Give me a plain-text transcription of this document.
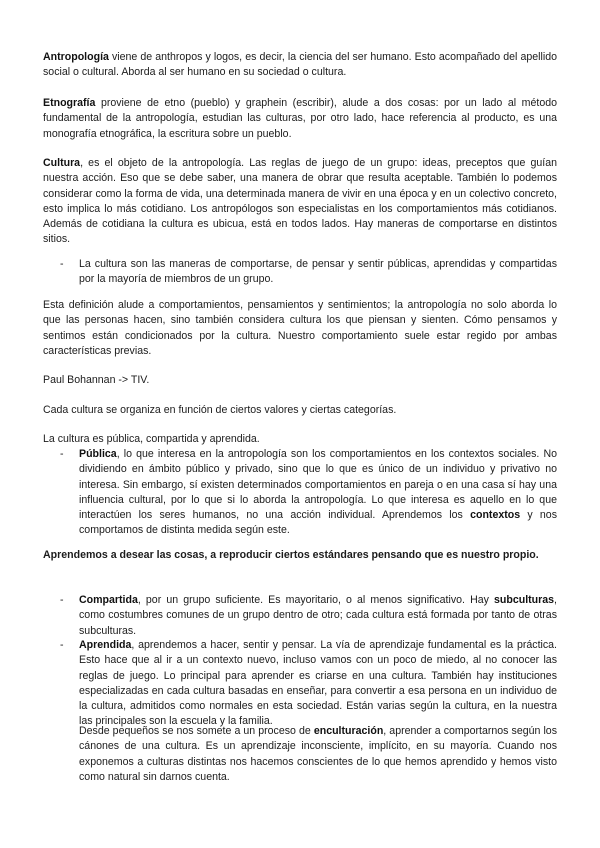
Antropología viene de anthropos y logos, es decir, la ciencia del ser humano. Esto acompañado del apellido social o cultural. Aborda al ser humano en su sociedad o cultura.

Etnografía proviene de etno (pueblo) y graphein (escribir), alude a dos cosas: por un lado al método fundamental de la antropología, estudian las culturas, por otro lado, hace referencia al producto, es una monografía etnográfica, la escritura sobre un pueblo.

Cultura, es el objeto de la antropología. Las reglas de juego de un grupo: ideas, preceptos que guían nuestra acción. Eso que se debe saber, una manera de obrar que resulta aceptable. También lo podemos considerar como la forma de vida, una determinada manera de vivir en una época y en un colectivo concreto, esto implica lo más cotidiano. Los antropólogos son especialistas en los comportamientos más cotidianos. Además de cotidiana la cultura es ubicua, está en todos lados. Hay maneras de comportarse en distintos sitios.

-	La cultura son las maneras de comportarse, de pensar y sentir públicas, aprendidas y compartidas por la mayoría de miembros de un grupo.

Esta definición alude a comportamientos, pensamientos y sentimientos; la antropología no solo aborda lo que las personas hacen, sino también considera cultura los que piensan y sienten. Cómo pensamos y sentimos están condicionados por la cultura. Nuestro comportamiento suele estar regido por ambas características previas.

Paul Bohannan -> TIV.

Cada cultura se organiza en función de ciertos valores y ciertas categorías.

La cultura es pública, compartida y aprendida.

-	Pública, lo que interesa en la antropología son los comportamientos en los contextos sociales. No dividiendo en ámbito público y privado, sino que lo que es único de un individuo y privativo no interesa. Sin embargo, sí existen determinados comportamientos en pareja o en una casa sí hay una influencia cultural, por lo que si lo aborda la antropología. Lo que interesa es aquello en lo que interactúen los seres humanos, no una acción individual. Aprendemos los contextos y nos comportamos de distinta medida según este.

Aprendemos a desear las cosas, a reproducir ciertos estándares pensando que es nuestro propio.

-	Compartida, por un grupo suficiente. Es mayoritario, o al menos significativo. Hay subculturas, como costumbres comunes de un grupo dentro de otro; cada cultura está formada por tanto de otras subculturas.

-	Aprendida, aprendemos a hacer, sentir y pensar. La vía de aprendizaje fundamental es la práctica. Esto hace que al ir a un contexto nuevo, incluso vamos con un poco de miedo, al no conocer las reglas de juego. Lo principal para aprender es criarse en una cultura. También hay instituciones especializadas en cada cultura basadas en enseñar, para convertir a esa persona en un individuo de la cultura, admitidos como normales en esta sociedad. Están varias según la cultura, en la nuestra las principales son la escuela y la familia.

Desde pequeños se nos somete a un proceso de enculturación, aprender a comportarnos según los cánones de una cultura. Es un aprendizaje inconsciente, implícito, en su mayoría. Cuando nos exponemos a culturas distintas nos hacemos conscientes de lo que hemos aprendido y hemos visto como natural sin darnos cuenta.
